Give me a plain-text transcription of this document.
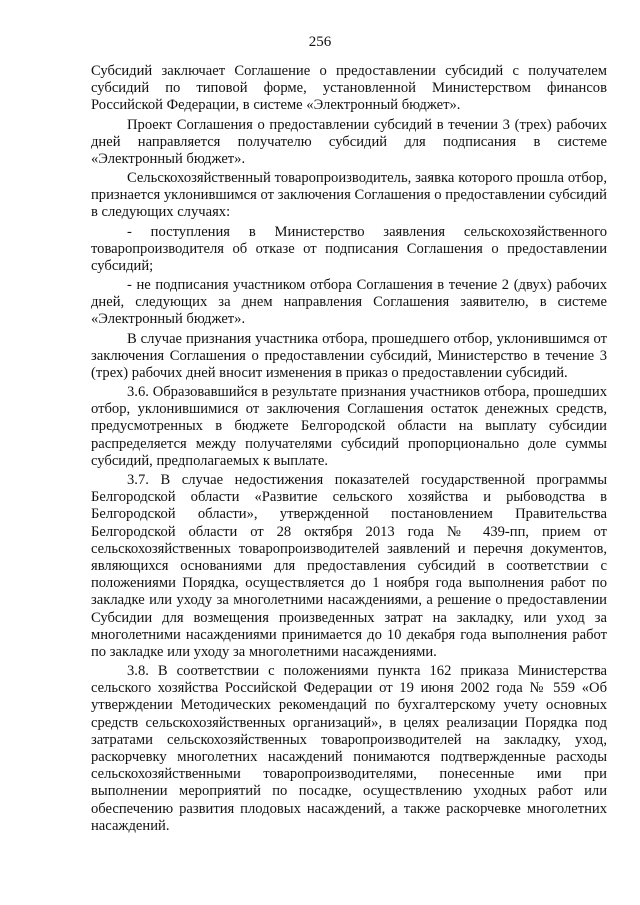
256

Субсидий заключает Соглашение о предоставлении субсидий с получателем субсидий по типовой форме, установленной Министерством финансов Российской Федерации, в системе «Электронный бюджет».

Проект Соглашения о предоставлении субсидий в течении 3 (трех) рабочих дней направляется получателю субсидий для подписания в системе «Электронный бюджет».

Сельскохозяйственный товаропроизводитель, заявка которого прошла отбор, признается уклонившимся от заключения Соглашения о предоставлении субсидий в следующих случаях:

- поступления в Министерство заявления сельскохозяйственного товаропроизводителя об отказе от подписания Соглашения о предоставлении субсидий;

- не подписания участником отбора Соглашения в течение 2 (двух) рабочих дней, следующих за днем направления Соглашения заявителю, в системе «Электронный бюджет».

В случае признания участника отбора, прошедшего отбор, уклонившимся от заключения Соглашения о предоставлении субсидий, Министерство в течение 3 (трех) рабочих дней вносит изменения в приказ о предоставлении субсидий.

3.6. Образовавшийся в результате признания участников отбора, прошедших отбор, уклонившимися от заключения Соглашения остаток денежных средств, предусмотренных в бюджете Белгородской области на выплату субсидии распределяется между получателями субсидий пропорционально доле суммы субсидий, предполагаемых к выплате.

3.7. В случае недостижения показателей государственной программы Белгородской области «Развитие сельского хозяйства и рыбоводства в Белгородской области», утвержденной постановлением Правительства Белгородской области от 28 октября 2013 года № 439-пп, прием от сельскохозяйственных товаропроизводителей заявлений и перечня документов, являющихся основаниями для предоставления субсидий в соответствии с положениями Порядка, осуществляется до 1 ноября года выполнения работ по закладке или уходу за многолетними насаждениями, а решение о предоставлении Субсидии для возмещения произведенных затрат на закладку, или уход за многолетними насаждениями принимается до 10 декабря года выполнения работ по закладке или уходу за многолетними насаждениями.

3.8. В соответствии с положениями пункта 162 приказа Министерства сельского хозяйства Российской Федерации от 19 июня 2002 года № 559 «Об утверждении Методических рекомендаций по бухгалтерскому учету основных средств сельскохозяйственных организаций», в целях реализации Порядка под затратами сельскохозяйственных товаропроизводителей на закладку, уход, раскорчевку многолетних насаждений понимаются подтвержденные расходы сельскохозяйственными товаропроизводителями, понесенные ими при выполнении мероприятий по посадке, осуществлению уходных работ или обеспечению развития плодовых насаждений, а также раскорчевке многолетних насаждений.
